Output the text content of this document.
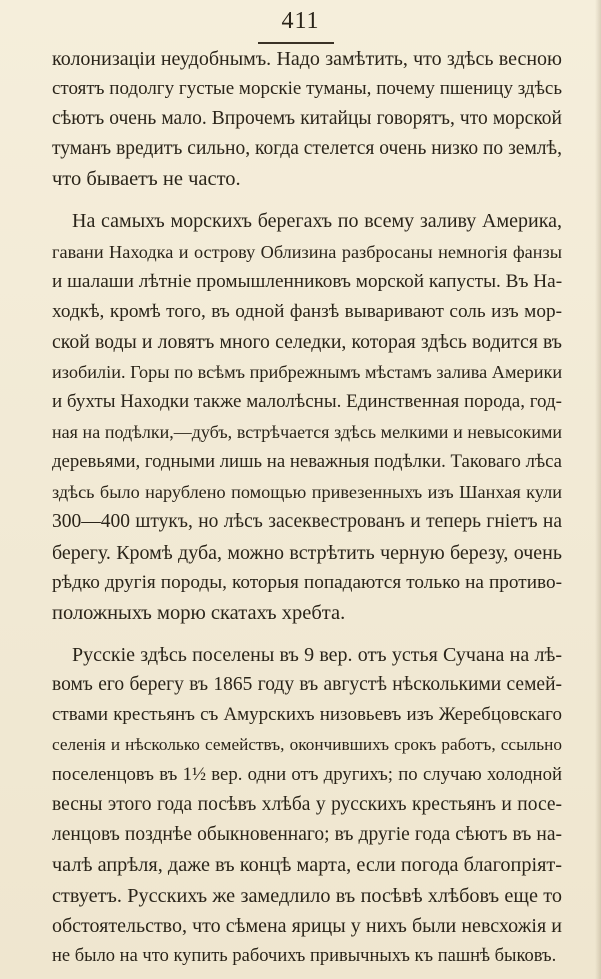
411
колонизаціи неудобнымъ. Надо замѣтить, что здѣсь весною
стоятъ подолгу густые морскіе туманы, почему пшеницу здѣсь
сѣютъ очень мало. Впрочемъ китайцы говорятъ, что морской
туманъ вредитъ сильно, когда стелется очень низко по землѣ,
что бываетъ не часто.
На самыхъ морскихъ берегахъ по всему заливу Америка,
гавани Находка и острову Облизина разбросаны немногія фанзы
и шалаши лѣтніе промышленниковъ морской капусты. Въ На-
ходкѣ, кромѣ того, въ одной фанзѣ вываривают соль изъ мор-
ской воды и ловятъ много селедки, которая здѣсь водится въ
изобиліи. Горы по всѣмъ прибрежнымъ мѣстамъ залива Америки
и бухты Находки также малолѣсны. Единственная порода, год-
ная на подѣлки,—дубъ, встрѣчается здѣсь мелкими и невысокими
деревьями, годными лишь на неважныя подѣлки. Таковаго лѣса
здѣсь было нарублено помощью привезенныхъ изъ Шанхая кули
300—400 штукъ, но лѣсъ засеквестрованъ и теперь гніетъ на
берегу. Кромѣ дуба, можно встрѣтить черную березу, очень
рѣдко другія породы, которыя попадаются только на противо-
положныхъ морю скатахъ хребта.
Русскіе здѣсь поселены въ 9 вер. отъ устья Сучана на лѣ-
вомъ его берегу въ 1865 году въ августѣ нѣсколькими семей-
ствами крестьянъ съ Амурскихъ низовьевъ изъ Жеребцовскаго
селенія и нѣсколько семействъ, окончившихъ срокъ работъ, ссыльно
поселенцовъ въ 1½ вер. одни отъ другихъ; по случаю холодной
весны этого года посѣвъ хлѣба у русскихъ крестьянъ и посе-
ленцовъ позднѣе обыкновеннаго; въ другіе года сѣютъ въ на-
чалѣ апрѣля, даже въ концѣ марта, если погода благопріят-
ствуетъ. Русскихъ же замедлило въ посѣвѣ хлѣбовъ еще то
обстоятельство, что сѣмена ярицы у нихъ были невсхожія и
не было на что купить рабочихъ привычныхъ къ пашнѣ быковъ.
